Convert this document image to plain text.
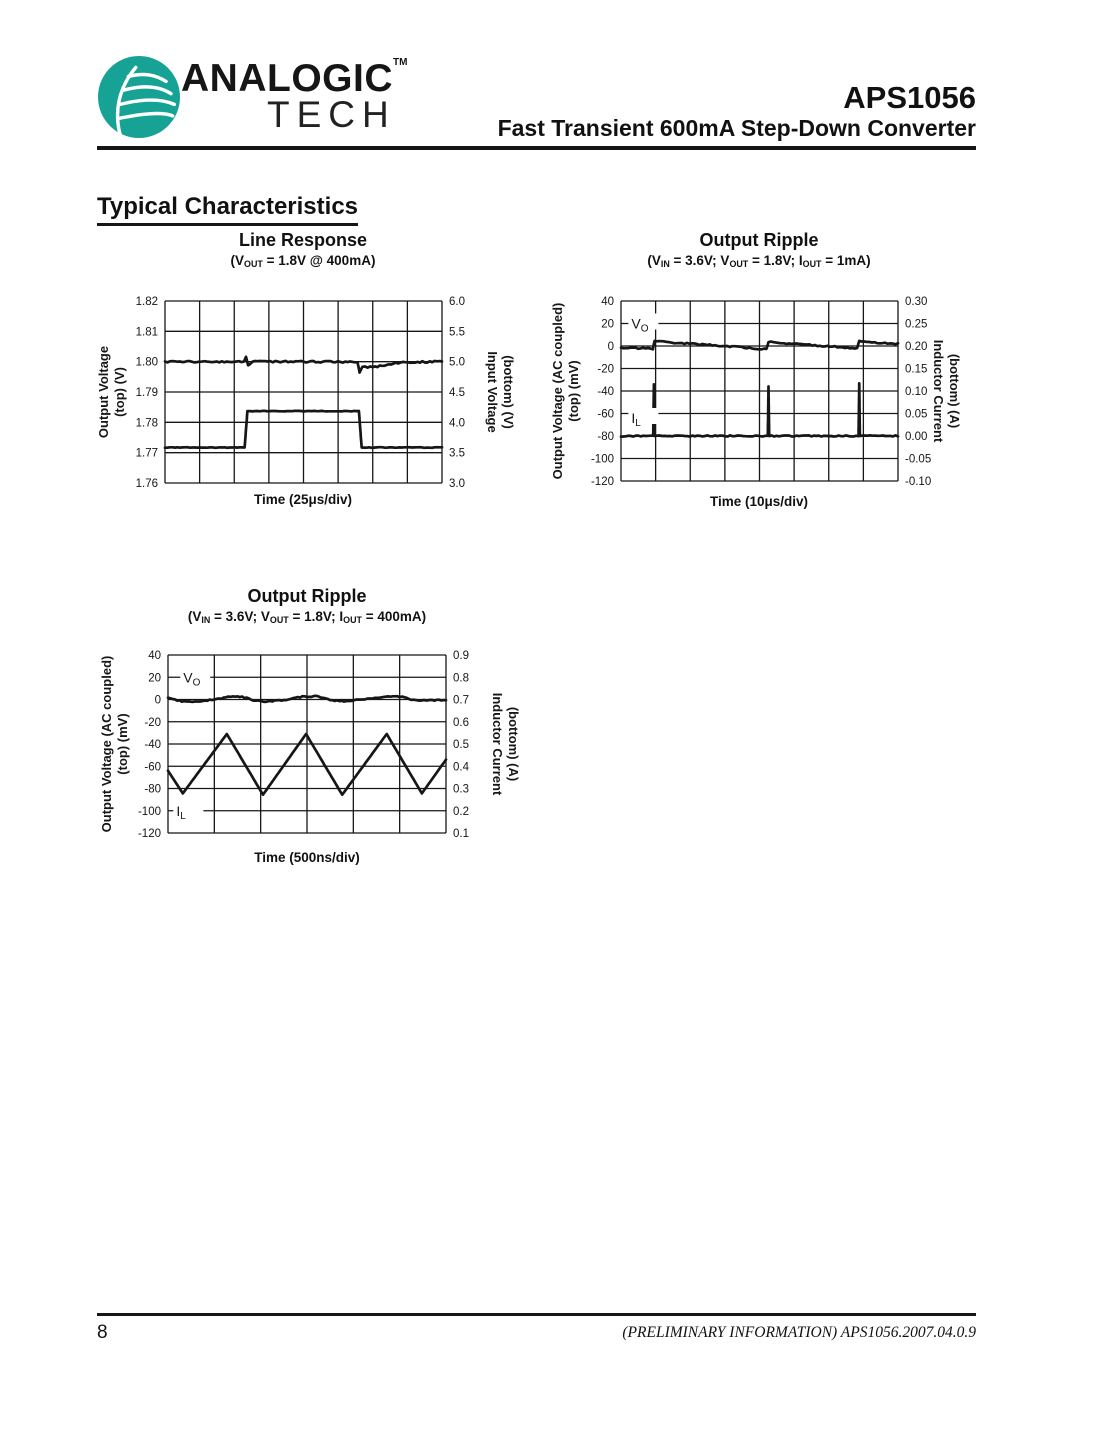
ANALOGIC™
TECH	APS1056
Fast Transient 600mA Step-Down Converter
Typical Characteristics
Line Response
($V_{OUT} = 1.8V$ @ 400mA)
1.82
1.81
1.80
1.79
1.78
1.77
1.76
6.0
5.5
5.0
4.5
4.0
3.5
3.0
Output Voltage (top) (V)	Input Voltage (bottom) (V)
Time (25μs/div)
Output Ripple
($V_{IN} = 3.6V$; $V_{OUT} = 1.8V$; $I_{OUT} = 1mA$)
40
20
0
-20
-40
-60
-80
-100
-120
0.30
0.25
0.20
0.15
0.10
0.05
0.00
-0.05
-0.10
Output Voltage (AC coupled) (top) (mV)	Inductor Current (bottom) (A)
$V_O$
$I_L$
Time (10μs/div)
Output Ripple
($V_{IN} = 3.6V$; $V_{OUT} = 1.8V$; $I_{OUT} = 400mA$)
40
20
0
-20
-40
-60
-80
-100
-120
0.9
0.8
0.7
0.6
0.5
0.4
0.3
0.2
0.1
Output Voltage (AC coupled) (top) (mV)	Inductor Current (bottom) (A)
$V_O$
$I_L$
Time (500ns/div)
8	(PRELIMINARY INFORMATION) APS1056.2007.04.0.9
